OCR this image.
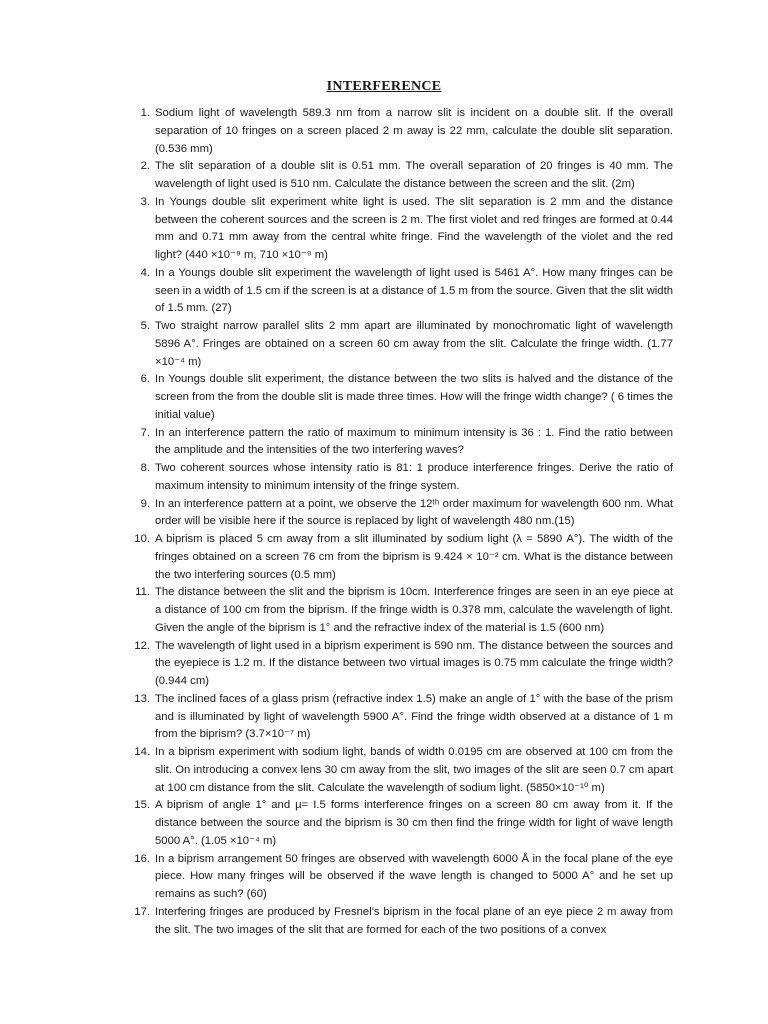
INTERFERENCE
1. Sodium light of wavelength 589.3 nm from a narrow slit is incident on a double slit. If the overall separation of 10 fringes on a screen placed 2 m away is 22 mm, calculate the double slit separation. (0.536 mm)
2. The slit separation of a double slit is 0.51 mm. The overall separation of 20 fringes is 40 mm. The wavelength of light used is 510 nm. Calculate the distance between the screen and the slit. (2m)
3. In Youngs double slit experiment white light is used. The slit separation is 2 mm and the distance between the coherent sources and the screen is 2 m. The first violet and red fringes are formed at 0.44 mm and 0.71 mm away from the central white fringe. Find the wavelength of the violet and the red light? (440 ×10⁻⁹ m, 710 ×10⁻⁹ m)
4. In a Youngs double slit experiment the wavelength of light used is 5461 A°. How many fringes can be seen in a width of 1.5 cm if the screen is at a distance of 1.5 m from the source. Given that the slit width of 1.5 mm. (27)
5. Two straight narrow parallel slits 2 mm apart are illuminated by monochromatic light of wavelength 5896 A°. Fringes are obtained on a screen 60 cm away from the slit. Calculate the fringe width. (1.77 ×10⁻⁴ m)
6. In Youngs double slit experiment, the distance between the two slits is halved and the distance of the screen from the from the double slit is made three times. How will the fringe width change? ( 6 times the initial value)
7. In an interference pattern the ratio of maximum to minimum intensity is 36 : 1. Find the ratio between the amplitude and the intensities of the two interfering waves?
8. Two coherent sources whose intensity ratio is 81: 1 produce interference fringes. Derive the ratio of maximum intensity to minimum intensity of the fringe system.
9. In an interference pattern at a point, we observe the 12ᵗʰ order maximum for wavelength 600 nm. What order will be visible here if the source is replaced by light of wavelength 480 nm.(15)
10. A biprism is placed 5 cm away from a slit illuminated by sodium light (λ = 5890 A°). The width of the fringes obtained on a screen 76 cm from the biprism is 9.424 × 10⁻² cm. What is the distance between the two interfering sources (0.5 mm)
11. The distance between the slit and the biprism is 10cm. Interference fringes are seen in an eye piece at a distance of 100 cm from the biprism. If the fringe width is 0.378 mm, calculate the wavelength of light. Given the angle of the biprism is 1° and the refractive index of the material is 1.5 (600 nm)
12. The wavelength of light used in a biprism experiment is 590 nm. The distance between the sources and the eyepiece is 1.2 m. If the distance between two virtual images is 0.75 mm calculate the fringe width? (0.944 cm)
13. The inclined faces of a glass prism (refractive index 1.5) make an angle of 1° with the base of the prism and is illuminated by light of wavelength 5900 A°. Find the fringe width observed at a distance of 1 m from the biprism? (3.7×10⁻⁷ m)
14. In a biprism experiment with sodium light, bands of width 0.0195 cm are observed at 100 cm from the slit. On introducing a convex lens 30 cm away from the slit, two images of the slit are seen 0.7 cm apart at 100 cm distance from the slit. Calculate the wavelength of sodium light. (5850×10⁻¹⁰ m)
15. A biprism of angle 1° and μ= I.5 forms interference fringes on a screen 80 cm away from it. If the distance between the source and the biprism is 30 cm then find the fringe width for light of wave length 5000 A°. (1.05 ×10⁻⁴ m)
16. In a biprism arrangement 50 fringes are observed with wavelength 6000 Å in the focal plane of the eye piece. How many fringes will be observed if the wave length is changed to 5000 A° and he set up remains as such? (60)
17. Interfering fringes are produced by Fresnel's biprism in the focal plane of an eye piece 2 m away from the slit. The two images of the slit that are formed for each of the two positions of a convex
